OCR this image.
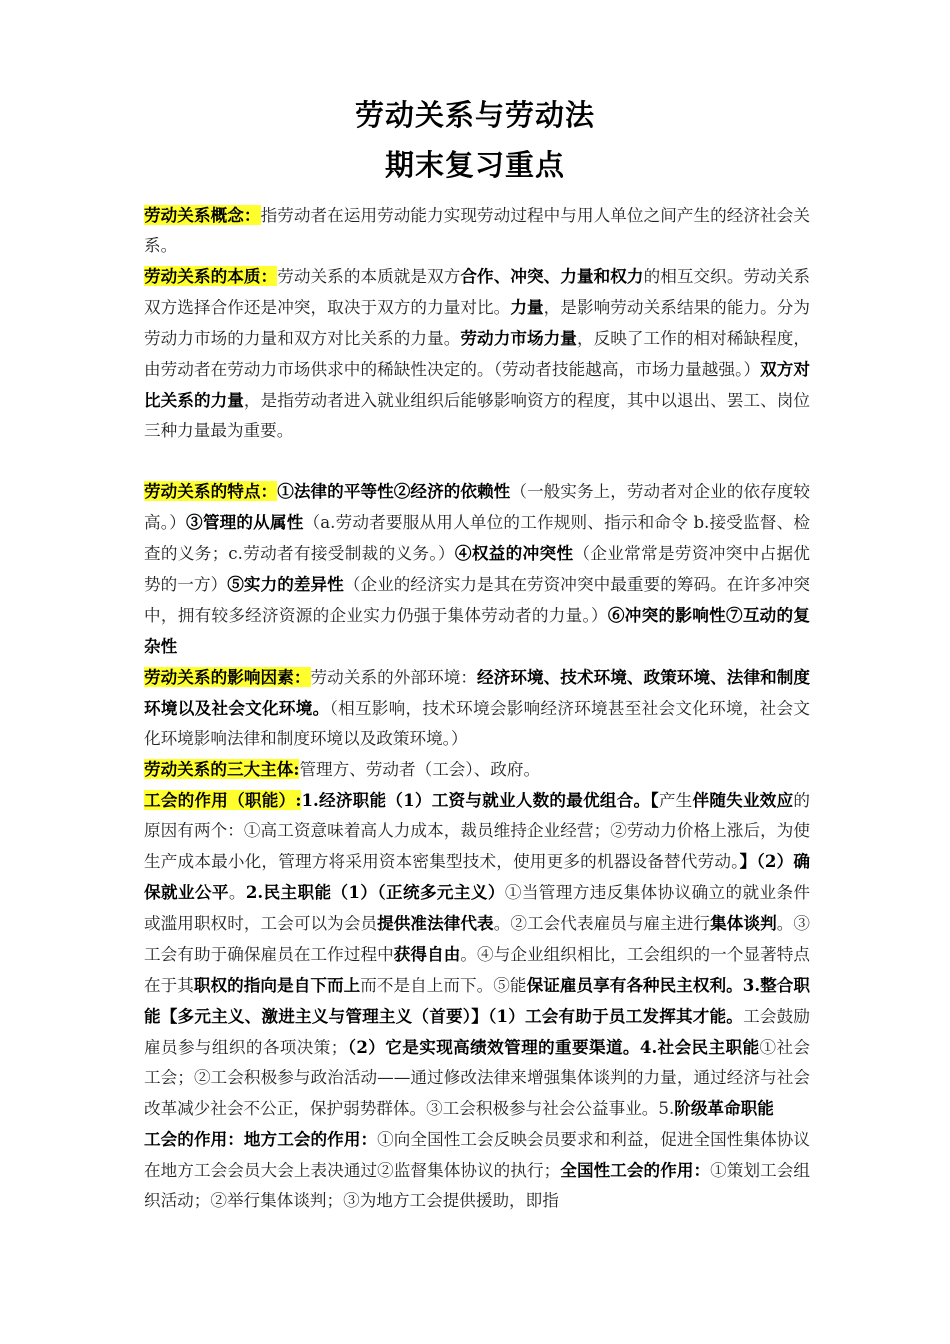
劳动关系与劳动法
期末复习重点

劳动关系概念：指劳动者在运用劳动能力实现劳动过程中与用人单位之间产生的经济社会关系。

劳动关系的本质：劳动关系的本质就是双方合作、冲突、力量和权力的相互交织。劳动关系双方选择合作还是冲突，取决于双方的力量对比。力量，是影响劳动关系结果的能力。分为劳动力市场的力量和双方对比关系的力量。劳动力市场力量，反映了工作的相对稀缺程度，由劳动者在劳动力市场供求中的稀缺性决定的。（劳动者技能越高，市场力量越强。）双方对比关系的力量，是指劳动者进入就业组织后能够影响资方的程度，其中以退出、罢工、岗位三种力量最为重要。

劳动关系的特点：①法律的平等性②经济的依赖性（一般实务上，劳动者对企业的依存度较高。）③管理的从属性（a.劳动者要服从用人单位的工作规则、指示和命令 b.接受监督、检查的义务；c.劳动者有接受制裁的义务。）④权益的冲突性（企业常常是劳资冲突中占据优势的一方）⑤实力的差异性（企业的经济实力是其在劳资冲突中最重要的筹码。在许多冲突中，拥有较多经济资源的企业实力仍强于集体劳动者的力量。）⑥冲突的影响性⑦互动的复杂性

劳动关系的影响因素：劳动关系的外部环境：经济环境、技术环境、政策环境、法律和制度环境以及社会文化环境。（相互影响，技术环境会影响经济环境甚至社会文化环境，社会文化环境影响法律和制度环境以及政策环境。）

劳动关系的三大主体:管理方、劳动者（工会）、政府。

工会的作用（职能）:1.经济职能（1）工资与就业人数的最优组合。【产生伴随失业效应的原因有两个：①高工资意味着高人力成本，裁员维持企业经营；②劳动力价格上涨后，为使生产成本最小化，管理方将采用资本密集型技术，使用更多的机器设备替代劳动。】（2）确保就业公平。2.民主职能（1）（正统多元主义）①当管理方违反集体协议确立的就业条件或滥用职权时，工会可以为会员提供准法律代表。②工会代表雇员与雇主进行集体谈判。③工会有助于确保雇员在工作过程中获得自由。④与企业组织相比，工会组织的一个显著特点在于其职权的指向是自下而上而不是自上而下。⑤能保证雇员享有各种民主权利。3.整合职能【多元主义、激进主义与管理主义（首要）】（1）工会有助于员工发挥其才能。工会鼓励雇员参与组织的各项决策；（2）它是实现高绩效管理的重要渠道。4.社会民主职能①社会工会；②工会积极参与政治活动——通过修改法律来增强集体谈判的力量，通过经济与社会改革减少社会不公正，保护弱势群体。③工会积极参与社会公益事业。5.阶级革命职能

工会的作用：地方工会的作用：①向全国性工会反映会员要求和利益，促进全国性集体协议在地方工会会员大会上表决通过②监督集体协议的执行；全国性工会的作用：①策划工会组织活动；②举行集体谈判；③为地方工会提供援助，即指
